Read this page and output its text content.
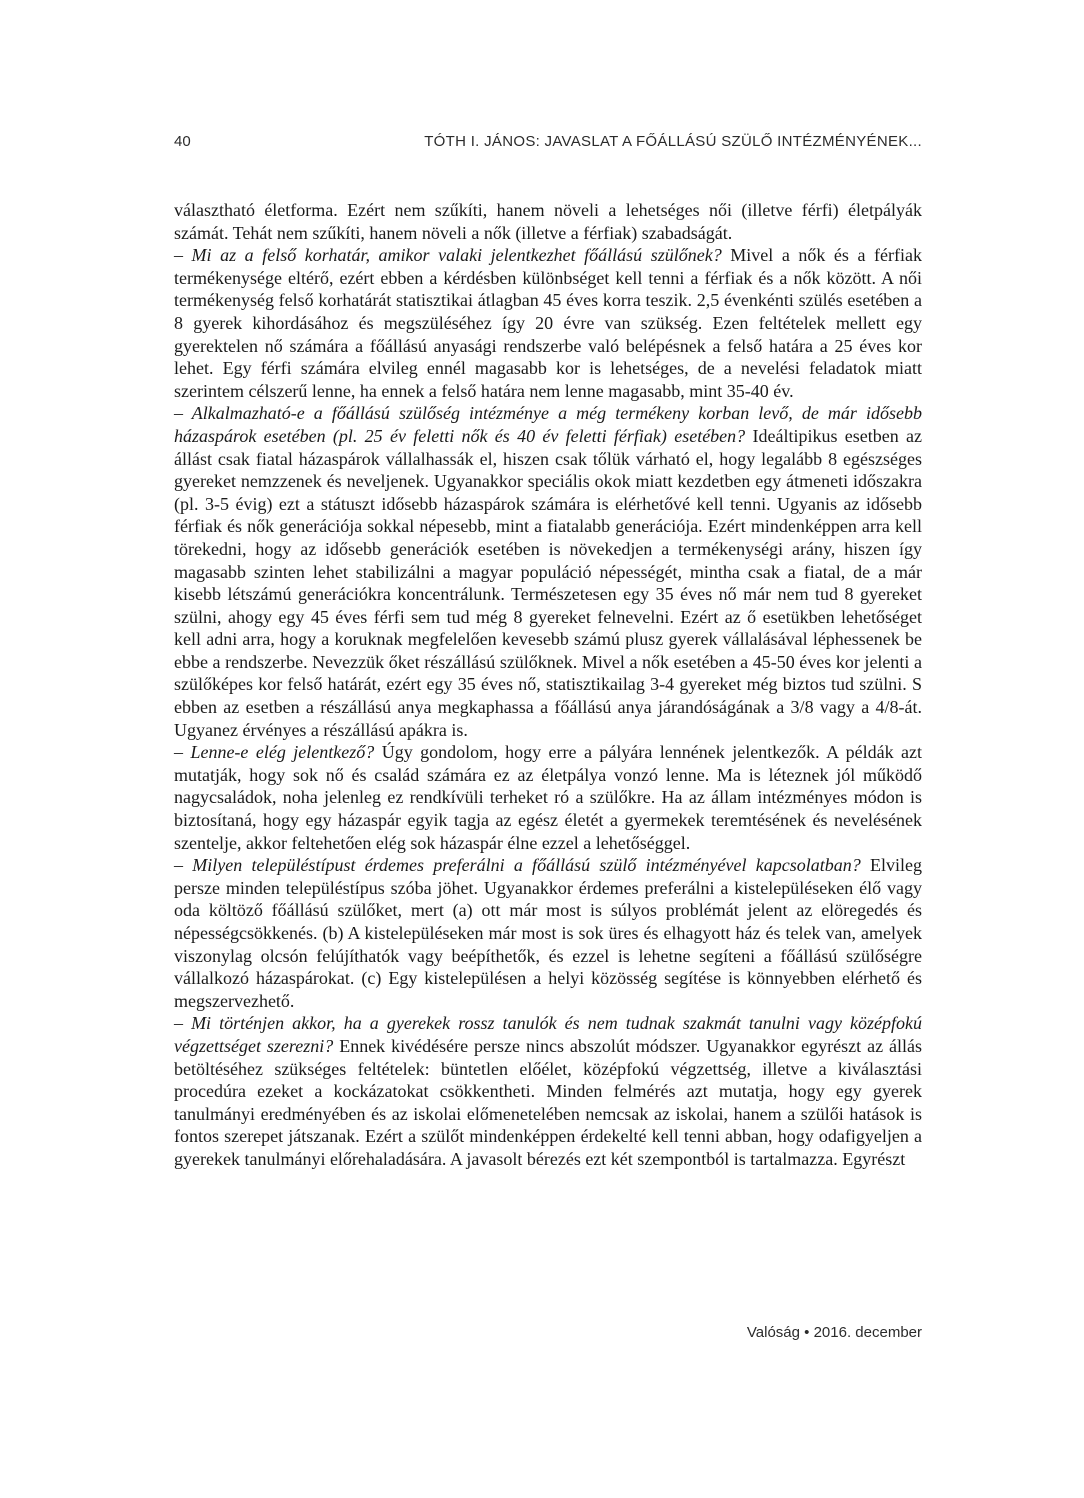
40	TÓTH I. JÁNOS: JAVASLAT A FŐÁLLÁSÚ SZÜLŐ INTÉZMÉNYÉNEK...

választható életforma. Ezért nem szűkíti, hanem növeli a lehetséges női (illetve férfi) életpályák számát. Tehát nem szűkíti, hanem növeli a nők (illetve a férfiak) szabadságát.

– Mi az a felső korhatár, amikor valaki jelentkezhet főállású szülőnek? Mivel a nők és a férfiak termékenysége eltérő, ezért ebben a kérdésben különbséget kell tenni a férfiak és a nők között. A női termékenység felső korhatárát statisztikai átlagban 45 éves korra teszik. 2,5 évenkénti szülés esetében a 8 gyerek kihordásához és megszüléséhez így 20 évre van szükség. Ezen feltételek mellett egy gyerektelen nő számára a főállású anyasági rendszerbe való belépésnek a felső határa a 25 éves kor lehet. Egy férfi számára elvileg ennél magasabb kor is lehetséges, de a nevelési feladatok miatt szerintem célszerű lenne, ha ennek a felső határa nem lenne magasabb, mint 35-40 év.

– Alkalmazható-e a főállású szülőség intézménye a még termékeny korban levő, de már idősebb házaspárok esetében (pl. 25 év feletti nők és 40 év feletti férfiak) esetében? Ideáltipikus esetben az állást csak fiatal házaspárok vállalhassák el, hiszen csak tőlük várható el, hogy legalább 8 egészséges gyereket nemzzenek és neveljenek. Ugyanakkor speciális okok miatt kezdetben egy átmeneti időszakra (pl. 3-5 évig) ezt a státuszt idősebb házaspárok számára is elérhetővé kell tenni. Ugyanis az idősebb férfiak és nők generációja sokkal népesebb, mint a fiatalabb generációja. Ezért mindenképpen arra kell törekedni, hogy az idősebb generációk esetében is növekedjen a termékenységi arány, hiszen így magasabb szinten lehet stabilizálni a magyar populáció népességét, mintha csak a fiatal, de a már kisebb létszámú generációkra koncentrálunk. Természetesen egy 35 éves nő már nem tud 8 gyereket szülni, ahogy egy 45 éves férfi sem tud még 8 gyereket felnevelni. Ezért az ő esetükben lehetőséget kell adni arra, hogy a koruknak megfelelően kevesebb számú plusz gyerek vállalásával léphessenek be ebbe a rendszerbe. Nevezzük őket részállású szülőknek. Mivel a nők esetében a 45-50 éves kor jelenti a szülőképes kor felső határát, ezért egy 35 éves nő, statisztikailag 3-4 gyereket még biztos tud szülni. S ebben az esetben a részállású anya megkaphassa a főállású anya járandóságának a 3/8 vagy a 4/8-át. Ugyanez érvényes a részállású apákra is.

– Lenne-e elég jelentkező? Úgy gondolom, hogy erre a pályára lennének jelentkezők. A példák azt mutatják, hogy sok nő és család számára ez az életpálya vonzó lenne. Ma is léteznek jól működő nagycsaládok, noha jelenleg ez rendkívüli terheket ró a szülőkre. Ha az állam intézményes módon is biztosítaná, hogy egy házaspár egyik tagja az egész életét a gyermekek teremtésének és nevelésének szentelje, akkor feltehetően elég sok házaspár élne ezzel a lehetőséggel.

– Milyen településtípust érdemes preferálni a főállású szülő intézményével kapcsolatban? Elvileg persze minden településtípus szóba jöhet. Ugyanakkor érdemes preferálni a kistelepüléseken élő vagy oda költöző főállású szülőket, mert (a) ott már most is súlyos problémát jelent az elöregedés és népességcsökkenés. (b) A kistelepüléseken már most is sok üres és elhagyott ház és telek van, amelyek viszonylag olcsón felújíthatók vagy beépíthetők, és ezzel is lehetne segíteni a főállású szülőségre vállalkozó házaspárokat. (c) Egy kistelepülésen a helyi közösség segítése is könnyebben elérhető és megszervezhető.

– Mi történjen akkor, ha a gyerekek rossz tanulók és nem tudnak szakmát tanulni vagy középfokú végzettséget szerezni? Ennek kivédésére persze nincs abszolút módszer. Ugyanakkor egyrészt az állás betöltéséhez szükséges feltételek: büntetlen előélet, középfokú végzettség, illetve a kiválasztási procedúra ezeket a kockázatokat csökkentheti. Minden felmérés azt mutatja, hogy egy gyerek tanulmányi eredményében és az iskolai előmenetelében nemcsak az iskolai, hanem a szülői hatások is fontos szerepet játszanak. Ezért a szülőt mindenképpen érdekelté kell tenni abban, hogy odafigyeljen a gyerekek tanulmányi előrehaladására. A javasolt bérezés ezt két szempontból is tartalmazza. Egyrészt

Valóság • 2016. december
